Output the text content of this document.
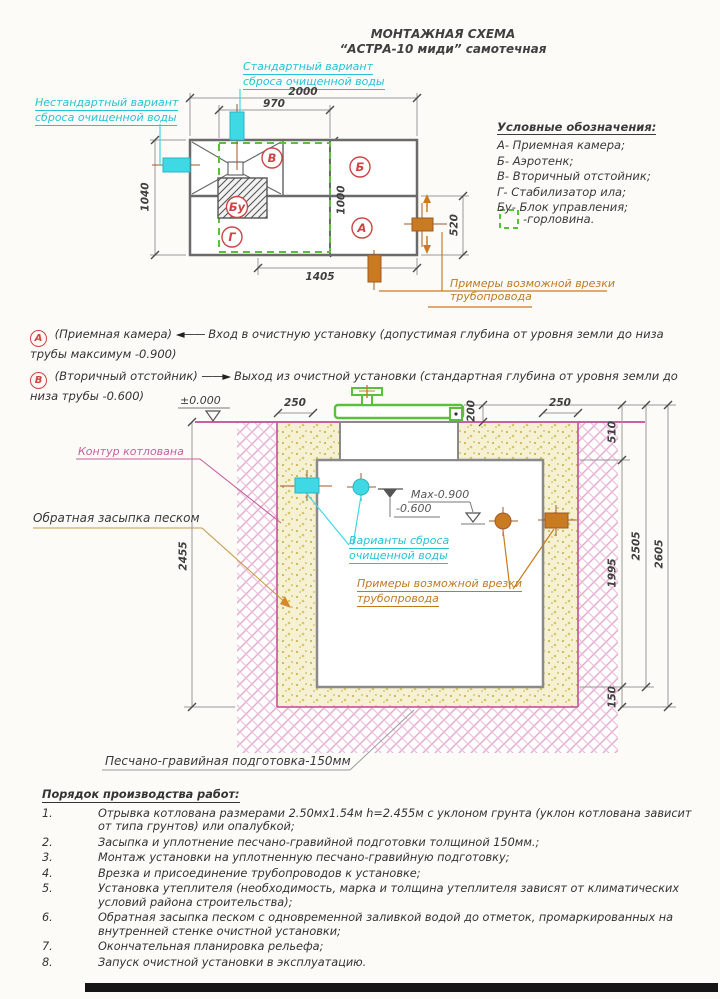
В
Б
Бу
Г
А
МОНТАЖНАЯ СХЕМА
“АСТРА-10 миди” самотечная
Стандартный вариант
сброса очищенной воды
Нестандартный вариант
сброса очищенной воды
Примеры возможной врезки
трубопровода
2000
970
1040	1000
520
1405
Условные обозначения:
А- Приемная камера;
Б- Аэротенк;
В- Вторичный отстойник;
Г- Стабилизатор ила;
Бу- Блок управления;
-горловина.

А (Приемная камера) ◄—— Вход в очистную установку (допустимая глубина от уровня земли до низа трубы максимум -0.900)

В (Вторичный отстойник) ——► Выход из очистной установки (стандартная глубина от уровня земли до низа трубы -0.600)	±0.000
Max-0.900
-0.600
Контур котлована
Обратная засыпка песком
Варианты сброса
очищенной воды
Примеры возможной врезки
трубопровода
Песчано-гравийная подготовка-150мм
250	250
200
510
1995
150
2505 2605
2455
Порядок производства работ:
1.	Отрывка котлована размерами 2.50мх1.54м h=2.455м с уклоном грунта (уклон котлована зависит от типа грунтов) или опалубкой;
2.	Засыпка и уплотнение песчано-гравийной подготовки толщиной 150мм.;
3.	Монтаж установки на уплотненную песчано-гравийную подготовку;
4.	Врезка и присоединение трубопроводов к установке;
5.	Установка утеплителя (необходимость, марка и толщина утеплителя зависят от климатических условий района строительства);
6.	Обратная засыпка песком с одновременной заливкой водой до отметок, промаркированных на внутренней стенке очистной установки;
7.	Окончательная планировка рельефа;
8.	Запуск очистной установки в эксплуатацию.
